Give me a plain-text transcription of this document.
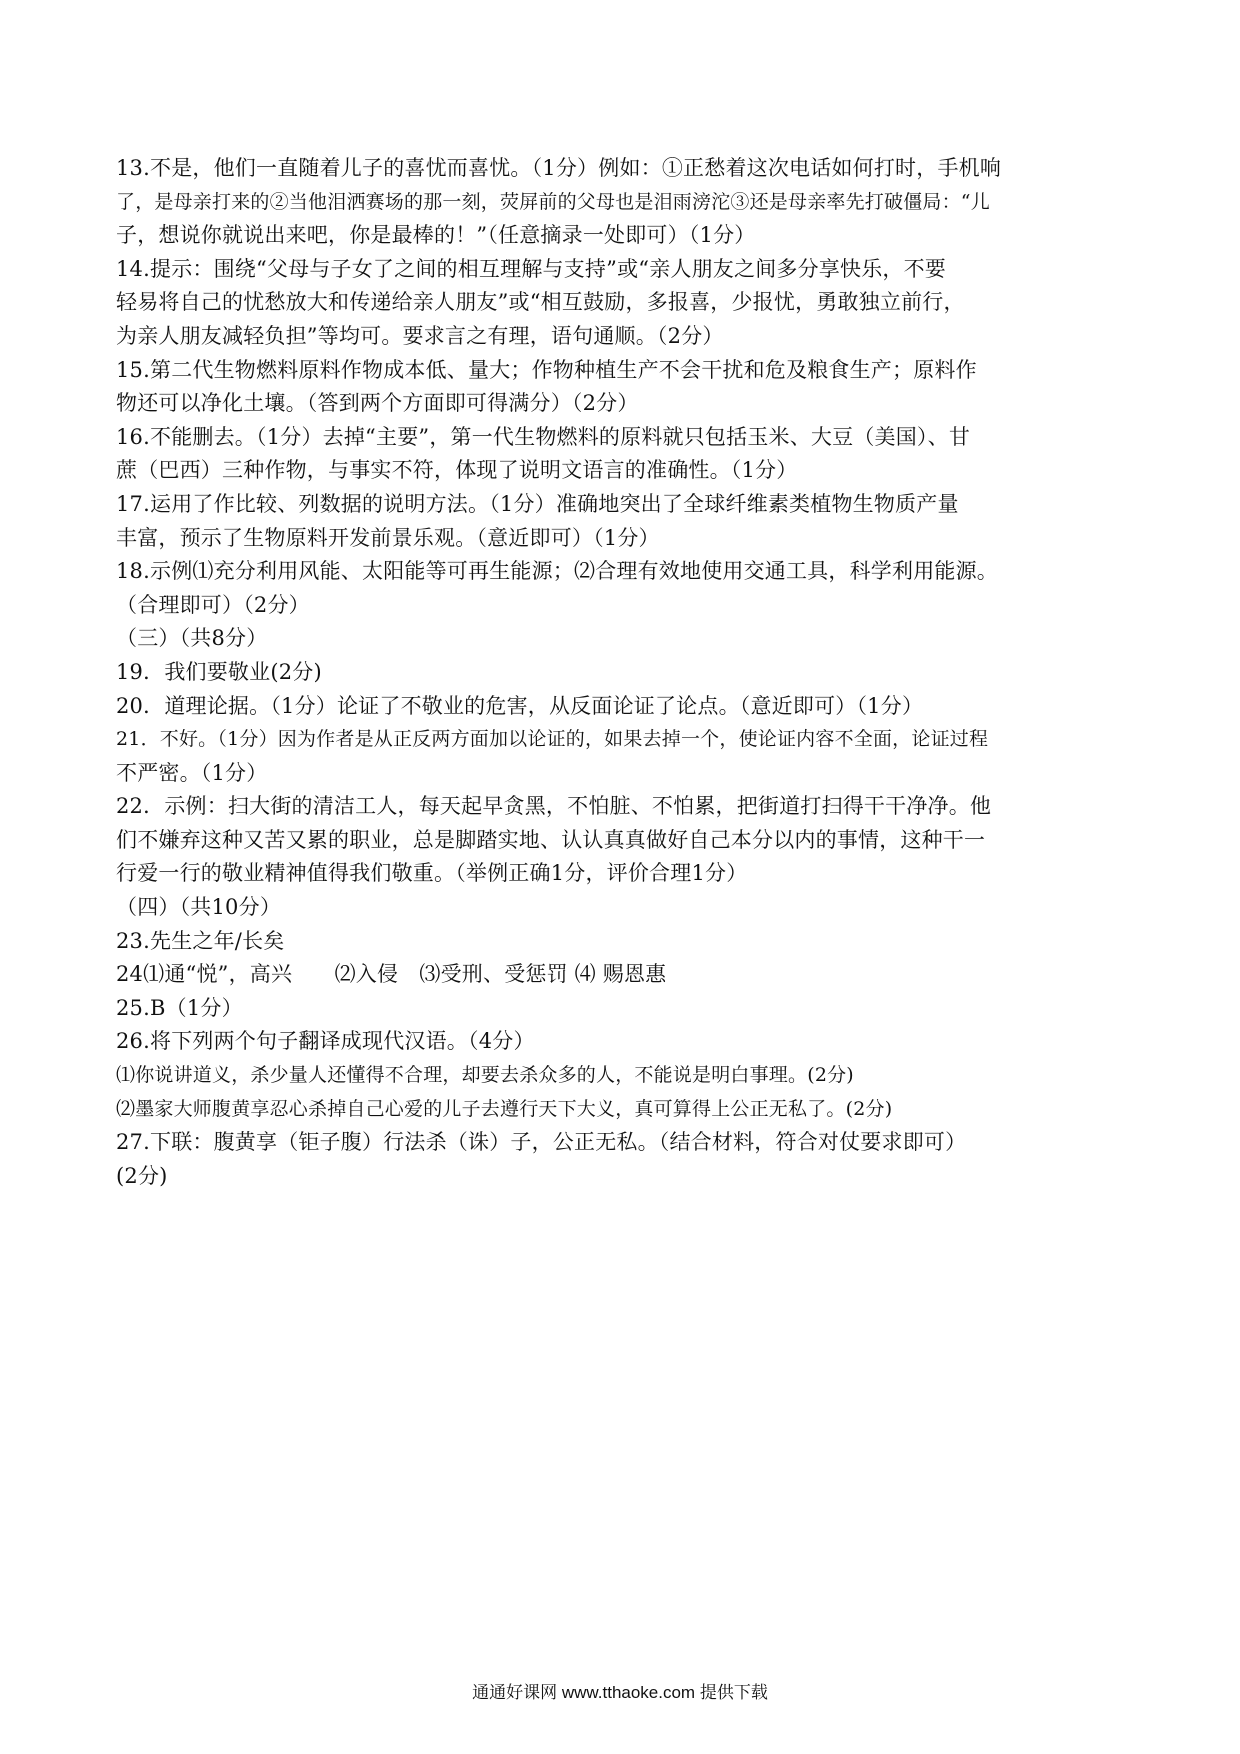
13.不是，他们一直随着儿子的喜忧而喜忧。（1分）例如：①正愁着这次电话如何打时，手机响
了，是母亲打来的②当他泪洒赛场的那一刻，荧屏前的父母也是泪雨滂沱③还是母亲率先打破僵局：“儿
子，想说你就说出来吧，你是最棒的！”（任意摘录一处即可）（1分）
14.提示：围绕“父母与子女了之间的相互理解与支持”或“亲人朋友之间多分享快乐，不要
轻易将自己的忧愁放大和传递给亲人朋友”或“相互鼓励，多报喜，少报忧，勇敢独立前行，
为亲人朋友减轻负担”等均可。要求言之有理，语句通顺。（2分）
15.第二代生物燃料原料作物成本低、量大；作物种植生产不会干扰和危及粮食生产；原料作
物还可以净化土壤。（答到两个方面即可得满分）（2分）
16.不能删去。（1分）去掉“主要”，第一代生物燃料的原料就只包括玉米、大豆（美国）、甘
蔗（巴西）三种作物，与事实不符，体现了说明文语言的准确性。（1分）
17.运用了作比较、列数据的说明方法。（1分）准确地突出了全球纤维素类植物生物质产量
丰富，预示了生物原料开发前景乐观。（意近即可）（1分）
18.示例⑴充分利用风能、太阳能等可再生能源；⑵合理有效地使用交通工具，科学利用能源。
（合理即可）（2分）
（三）（共8分）
19．我们要敬业(2分)
20．道理论据。（1分）论证了不敬业的危害，从反面论证了论点。（意近即可）（1分）
21．不好。（1分）因为作者是从正反两方面加以论证的，如果去掉一个，使论证内容不全面，论证过程
不严密。（1分）
22．示例：扫大街的清洁工人，每天起早贪黑，不怕脏、不怕累，把街道打扫得干干净净。他
们不嫌弃这种又苦又累的职业，总是脚踏实地、认认真真做好自己本分以内的事情，这种干一
行爱一行的敬业精神值得我们敬重。（举例正确1分，评价合理1分）
（四）（共10分）
23.先生之年/长矣
24⑴通“悦”，高兴　　⑵入侵　⑶受刑、受惩罚 ⑷ 赐恩惠
25.B（1分）
26.将下列两个句子翻译成现代汉语。（4分）
⑴你说讲道义，杀少量人还懂得不合理，却要去杀众多的人，不能说是明白事理。(2分)
⑵墨家大师腹黄享忍心杀掉自己心爱的儿子去遵行天下大义，真可算得上公正无私了。(2分)
27.下联：腹黄享（钜子腹）行法杀（诛）子，公正无私。（结合材料，符合对仗要求即可）
(2分)
通通好课网 www.tthaoke.com 提供下载
